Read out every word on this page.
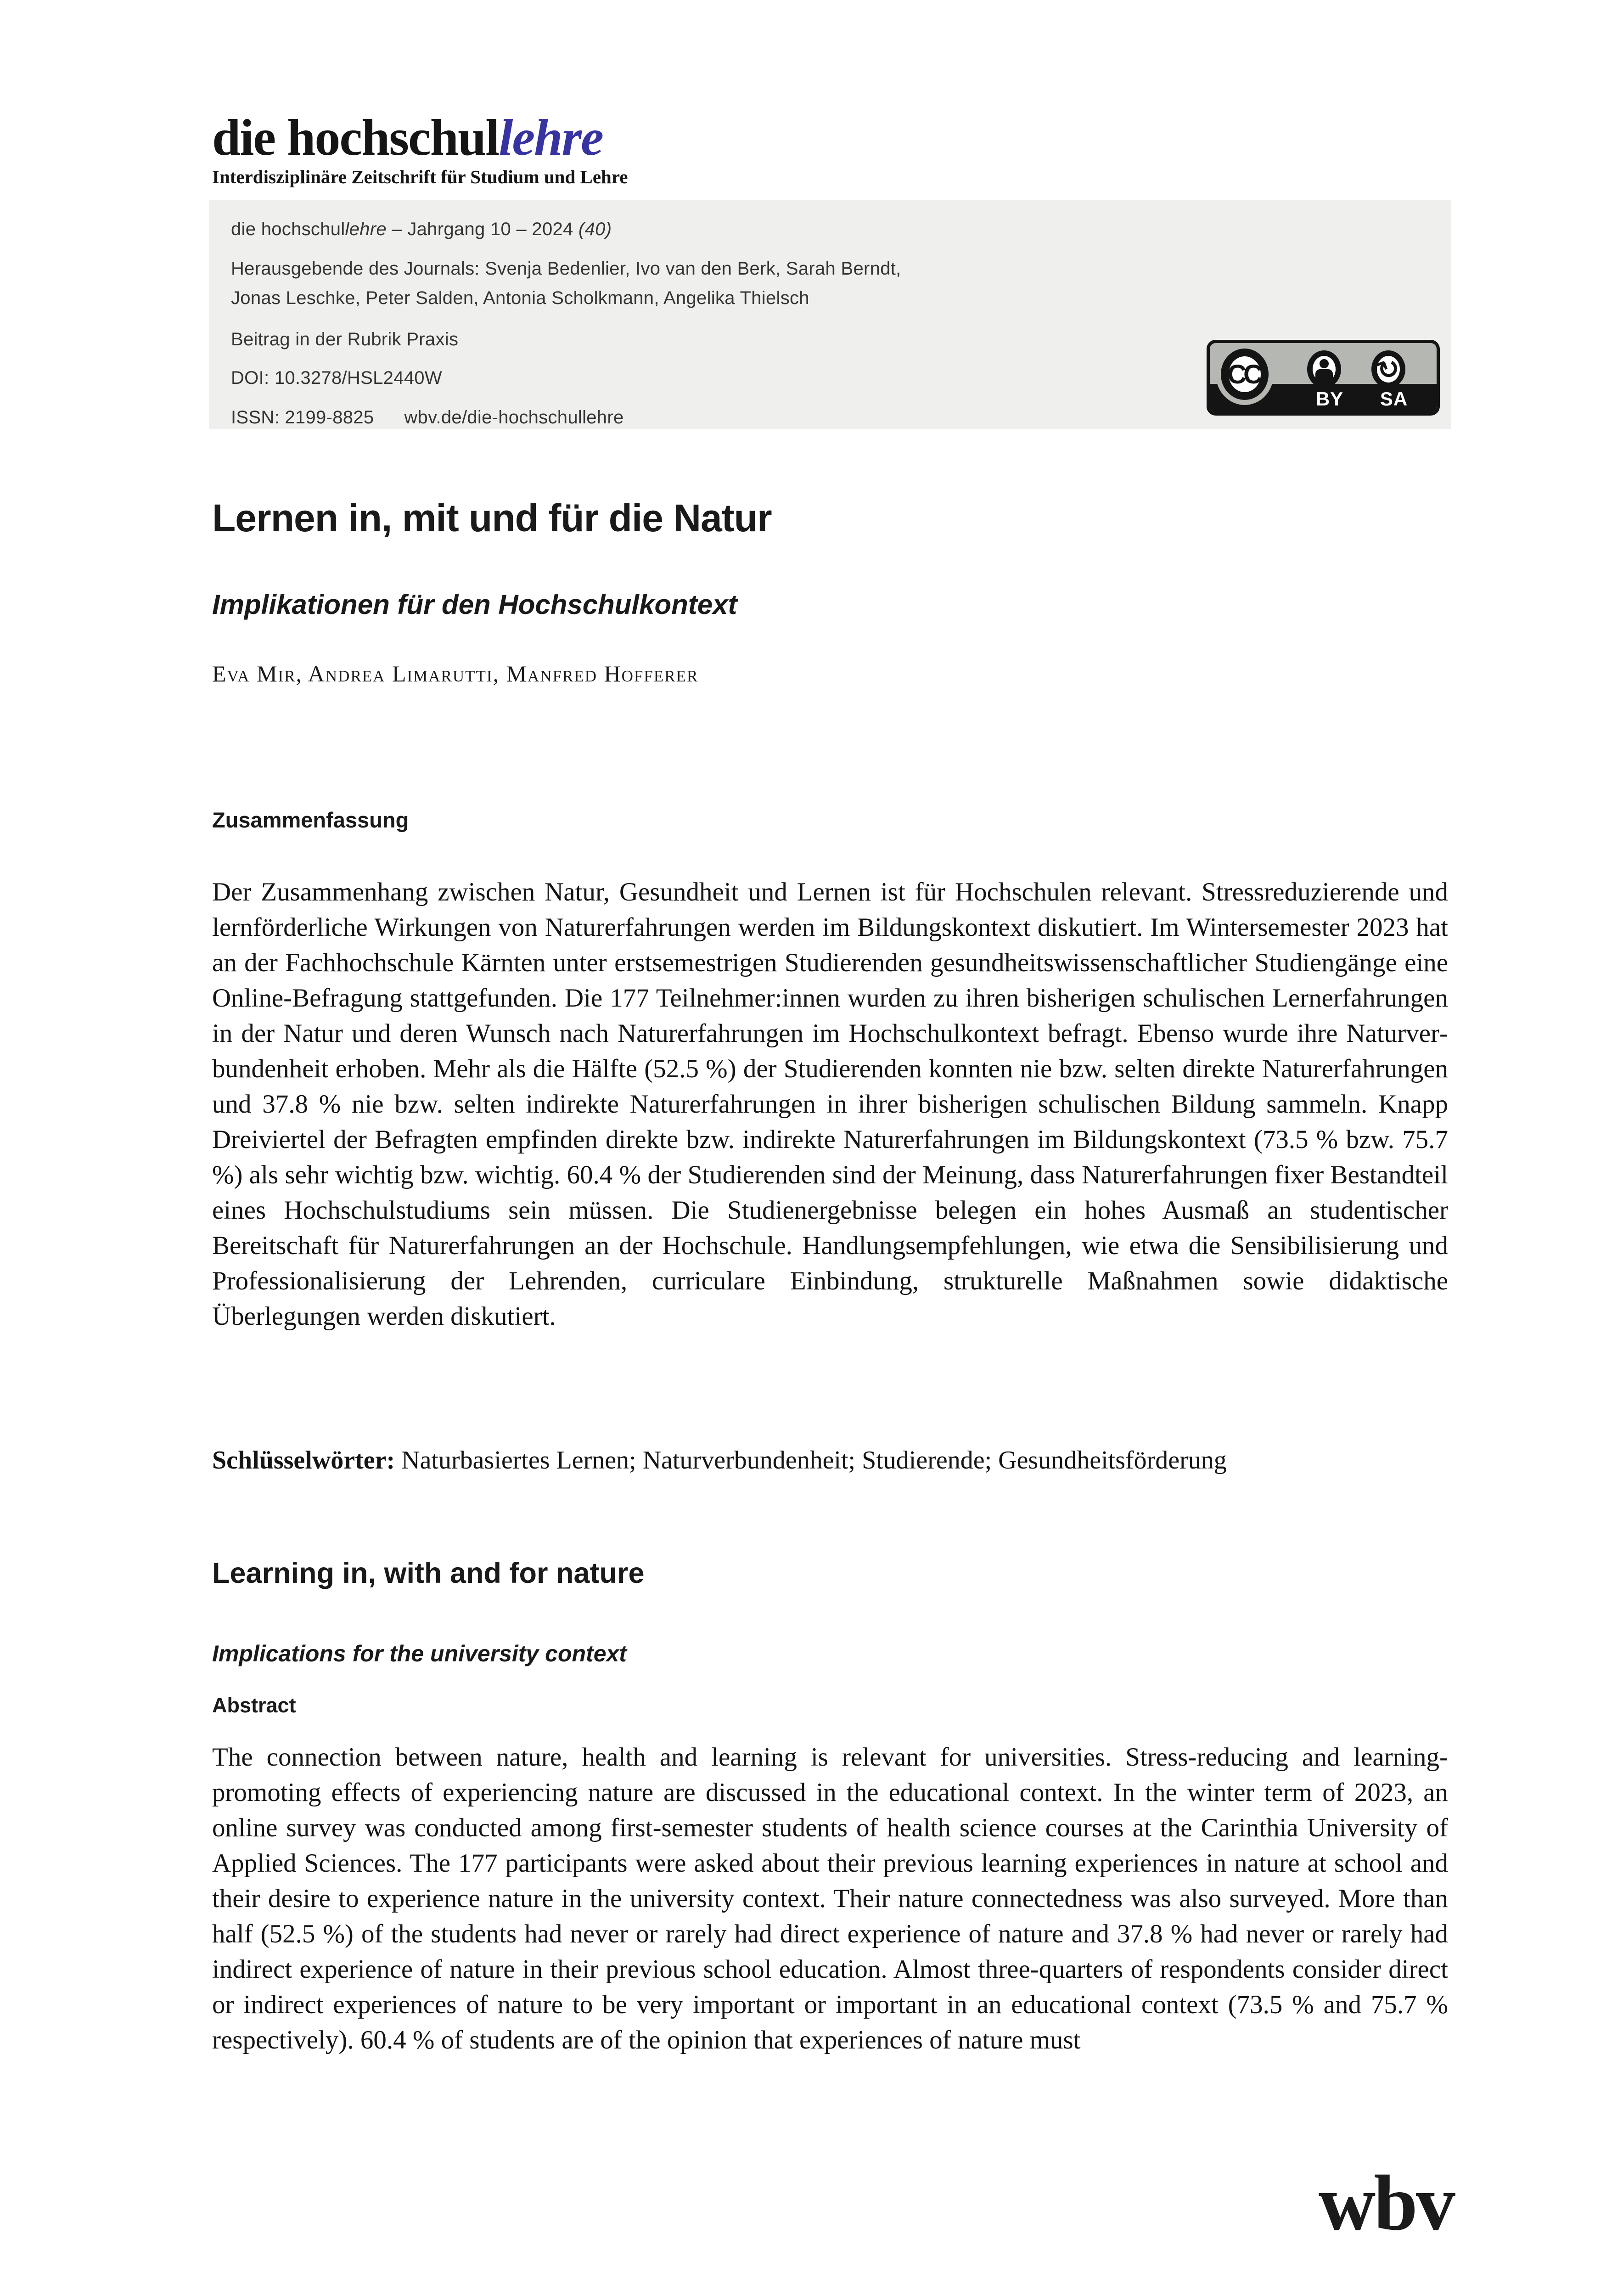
die hochschullehre
Interdisziplinäre Zeitschrift für Studium und Lehre
die hochschullehre – Jahrgang 10 – 2024 (40)
Herausgebende des Journals: Svenja Bedenlier, Ivo van den Berk, Sarah Berndt,
Jonas Leschke, Peter Salden, Antonia Scholkmann, Angelika Thielsch
Beitrag in der Rubrik Praxis
DOI: 10.3278/HSL2440W
ISSN: 2199-8825 wbv.de/die-hochschullehre
CC	↻
BY	SA
Lernen in, mit und für die Natur
Implikationen für den Hochschulkontext
Eva Mir, Andrea Limarutti, Manfred Hofferer
Zusammenfassung

Der Zusammenhang zwischen Natur, Gesundheit und Lernen ist für Hochschulen relevant. Stressreduzierende und lernförderliche Wirkungen von Naturerfahrungen werden im Bildungskontext diskutiert. Im Wintersemester 2023 hat an der Fachhochschule Kärnten unter erstsemestrigen Studierenden gesundheitswissenschaftlicher Studiengänge eine Online-Befragung stattgefunden. Die 177 Teilnehmer:innen wurden zu ihren bisherigen schulischen Lernerfahrungen in der Natur und deren Wunsch nach Naturerfahrungen im Hochschulkontext befragt. Ebenso wurde ihre Naturverbundenheit erhoben. Mehr als die Hälfte (52.5 %) der Studierenden konnten nie bzw. selten direkte Naturerfahrungen und 37.8 % nie bzw. selten indirekte Naturerfahrungen in ihrer bisherigen schulischen Bildung sammeln. Knapp Dreiviertel der Befragten empfinden direkte bzw. indirekte Naturerfahrungen im Bildungskontext (73.5 % bzw. 75.7 %) als sehr wichtig bzw. wichtig. 60.4 % der Studierenden sind der Meinung, dass Naturerfahrungen fixer Bestandteil eines Hochschulstudiums sein müssen. Die Studienergebnisse belegen ein hohes Ausmaß an studentischer Bereitschaft für Naturerfahrungen an der Hochschule. Handlungsempfehlungen, wie etwa die Sensibilisierung und Professionalisierung der Lehrenden, curriculare Einbindung, strukturelle Maßnahmen sowie didaktische Überlegungen werden diskutiert.

Schlüsselwörter: Naturbasiertes Lernen; Naturverbundenheit; Studierende; Gesundheitsförderung

Learning in, with and for nature
Implications for the university context
Abstract

The connection between nature, health and learning is relevant for universities. Stress-reducing and learning-promoting effects of experiencing nature are discussed in the educational context. In the winter term of 2023, an online survey was conducted among first-semester students of health science courses at the Carinthia University of Applied Sciences. The 177 participants were asked about their previous learning experiences in nature at school and their desire to experience nature in the university context. Their nature connectedness was also surveyed. More than half (52.5 %) of the students had never or rarely had direct experience of nature and 37.8 % had never or rarely had indirect experience of nature in their previous school education. Almost three-quarters of respondents consider direct or indirect experiences of nature to be very important or important in an educational context (73.5 % and 75.7 % respectively). 60.4 % of students are of the opinion that experiences of nature must

wbv
